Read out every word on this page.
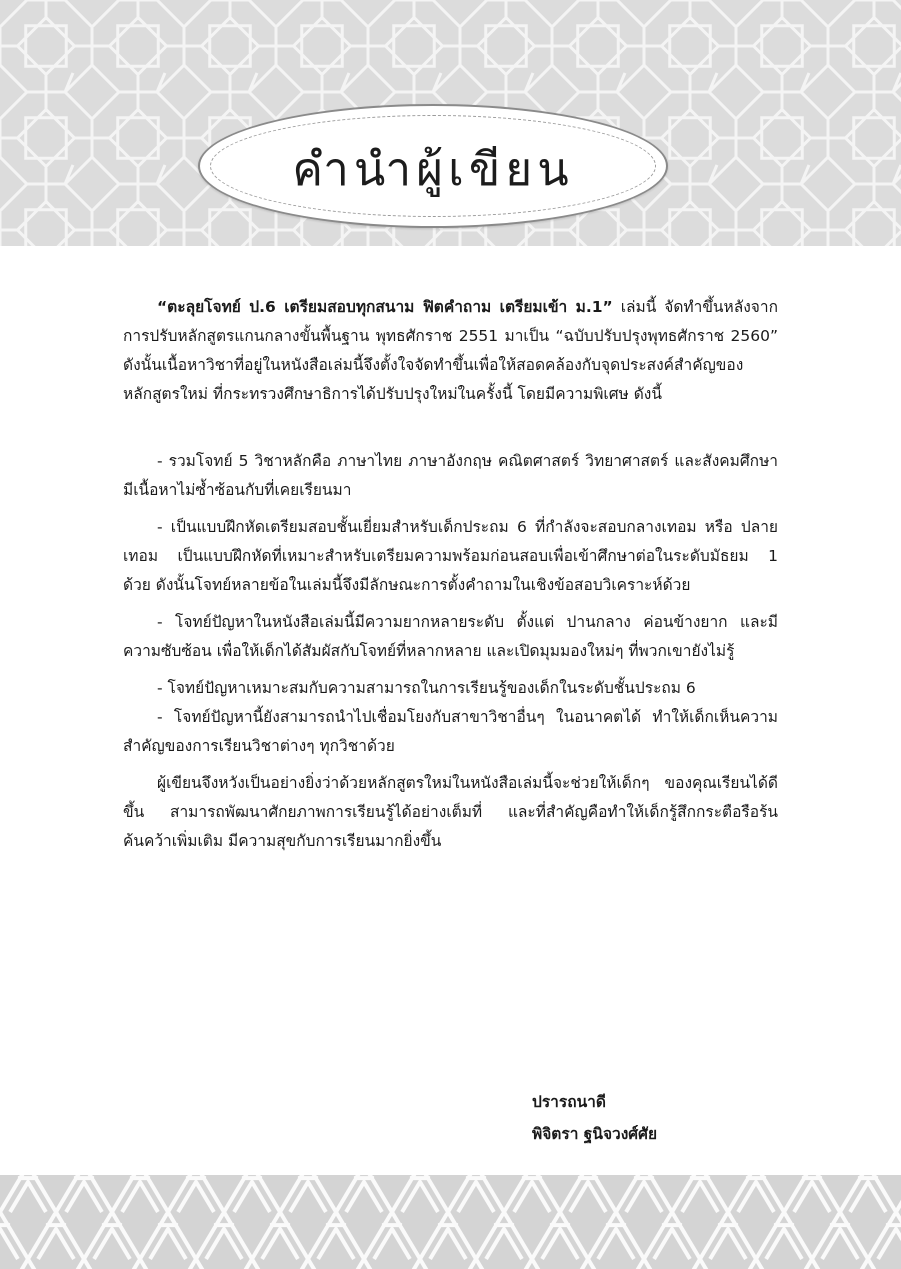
คำนำผู้เขียน

“ตะลุยโจทย์ ป.6 เตรียมสอบทุกสนาม ฟิตคำถาม เตรียมเข้า ม.1” เล่มนี้ จัดทำขึ้นหลังจากการปรับหลักสูตรแกนกลางขั้นพื้นฐาน พุทธศักราช 2551 มาเป็น “ฉบับปรับปรุงพุทธศักราช 2560” ดังนั้นเนื้อหาวิชาที่อยู่ในหนังสือเล่มนี้จึงตั้งใจจัดทำขึ้นเพื่อให้สอดคล้องกับจุดประสงค์สำคัญของหลักสูตรใหม่ ที่กระทรวงศึกษาธิการได้ปรับปรุงใหม่ในครั้งนี้ โดยมีความพิเศษ ดังนี้

- รวมโจทย์ 5 วิชาหลักคือ ภาษาไทย ภาษาอังกฤษ คณิตศาสตร์ วิทยาศาสตร์ และสังคมศึกษา มีเนื้อหาไม่ซ้ำซ้อนกับที่เคยเรียนมา

- เป็นแบบฝึกหัดเตรียมสอบชั้นเยี่ยมสำหรับเด็กประถม 6 ที่กำลังจะสอบกลางเทอม หรือ ปลายเทอม เป็นแบบฝึกหัดที่เหมาะสำหรับเตรียมความพร้อมก่อนสอบเพื่อเข้าศึกษาต่อในระดับมัธยม 1 ด้วย ดังนั้นโจทย์หลายข้อในเล่มนี้จึงมีลักษณะการตั้งคำถามในเชิงข้อสอบวิเคราะห์ด้วย

- โจทย์ปัญหาในหนังสือเล่มนี้มีความยากหลายระดับ ตั้งแต่ ปานกลาง ค่อนข้างยาก และมีความซับซ้อน เพื่อให้เด็กได้สัมผัสกับโจทย์ที่หลากหลาย และเปิดมุมมองใหม่ๆ ที่พวกเขายังไม่รู้

- โจทย์ปัญหาเหมาะสมกับความสามารถในการเรียนรู้ของเด็กในระดับชั้นประถม 6

- โจทย์ปัญหานี้ยังสามารถนำไปเชื่อมโยงกับสาขาวิชาอื่นๆ ในอนาคตได้ ทำให้เด็กเห็นความสำคัญของการเรียนวิชาต่างๆ ทุกวิชาด้วย

ผู้เขียนจึงหวังเป็นอย่างยิ่งว่าด้วยหลักสูตรใหม่ในหนังสือเล่มนี้จะช่วยให้เด็กๆ ของคุณเรียนได้ดีขึ้น สามารถพัฒนาศักยภาพการเรียนรู้ได้อย่างเต็มที่ และที่สำคัญคือทำให้เด็กรู้สึกกระตือรือร้นค้นคว้าเพิ่มเติม มีความสุขกับการเรียนมากยิ่งขึ้น

ปรารถนาดี
พิจิตรา ฐนิจวงศ์ศัย
